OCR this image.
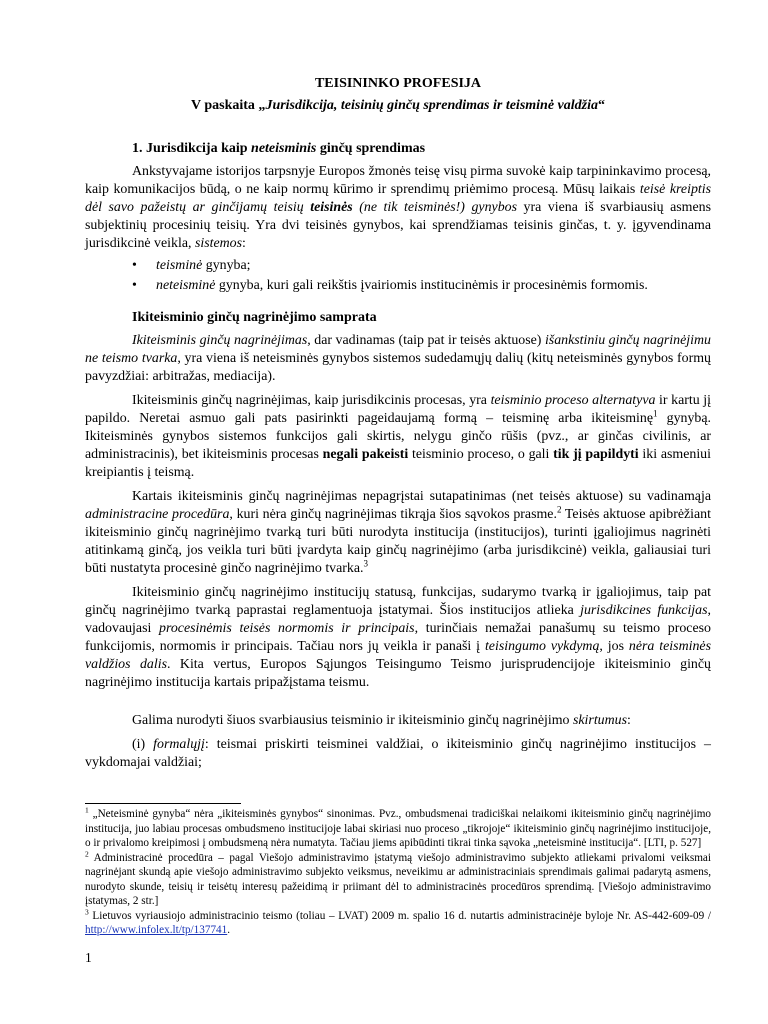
TEISININKO PROFESIJA
V paskaita „Jurisdikcija, teisinių ginčų sprendimas ir teisminė valdžia“
1. Jurisdikcija kaip neteisminis ginčų sprendimas

Ankstyvajame istorijos tarpsnyje Europos žmonės teisę visų pirma suvokė kaip tarpininkavimo procesą, kaip komunikacijos būdą, o ne kaip normų kūrimo ir sprendimų priėmimo procesą. Mūsų laikais teisė kreiptis dėl savo pažeistų ar ginčijamų teisių teisinės (ne tik teisminės!) gynybos yra viena iš svarbiausių asmens subjektinių procesinių teisių. Yra dvi teisinės gynybos, kai sprendžiamas teisinis ginčas, t. y. įgyvendinama jurisdikcinė veikla, sistemos:

• teisminė gynyba;
• neteisminė gynyba, kuri gali reikštis įvairiomis institucinėmis ir procesinėmis formomis.
Ikiteisminio ginčų nagrinėjimo samprata

Ikiteisminis ginčų nagrinėjimas, dar vadinamas (taip pat ir teisės aktuose) išankstiniu ginčų nagrinėjimu ne teismo tvarka, yra viena iš neteisminės gynybos sistemos sudedamųjų dalių (kitų neteisminės gynybos formų pavyzdžiai: arbitražas, mediacija).

Ikiteisminis ginčų nagrinėjimas, kaip jurisdikcinis procesas, yra teisminio proceso alternatyva ir kartu jį papildo. Neretai asmuo gali pats pasirinkti pageidaujamą formą – teisminę arba ikiteisminę$^1$ gynybą. Ikiteisminės gynybos sistemos funkcijos gali skirtis, nelygu ginčo rūšis (pvz., ar ginčas civilinis, ar administracinis), bet ikiteisminis procesas negali pakeisti teisminio proceso, o gali tik jį papildyti iki asmeniui kreipiantis į teismą.

Kartais ikiteisminis ginčų nagrinėjimas nepagrįstai sutapatinimas (net teisės aktuose) su vadinamąja administracine procedūra, kuri nėra ginčų nagrinėjimas tikrąja šios sąvokos prasme.$^2$ Teisės aktuose apibrėžiant ikiteisminio ginčų nagrinėjimo tvarką turi būti nurodyta institucija (institucijos), turinti įgaliojimus nagrinėti atitinkamą ginčą, jos veikla turi būti įvardyta kaip ginčų nagrinėjimo (arba jurisdikcinė) veikla, galiausiai turi būti nustatyta procesinė ginčo nagrinėjimo tvarka.$^3$

Ikiteisminio ginčų nagrinėjimo institucijų statusą, funkcijas, sudarymo tvarką ir įgaliojimus, taip pat ginčų nagrinėjimo tvarką paprastai reglamentuoja įstatymai. Šios institucijos atlieka jurisdikcines funkcijas, vadovaujasi procesinėmis teisės normomis ir principais, turinčiais nemažai panašumų su teismo proceso funkcijomis, normomis ir principais. Tačiau nors jų veikla ir panaši į teisingumo vykdymą, jos nėra teisminės valdžios dalis. Kita vertus, Europos Sąjungos Teisingumo Teismo jurisprudencijoje ikiteisminio ginčų nagrinėjimo institucija kartais pripažįstama teismu.

Galima nurodyti šiuos svarbiausius teisminio ir ikiteisminio ginčų nagrinėjimo skirtumus:

(i) formalųjį: teismai priskirti teisminei valdžiai, o ikiteisminio ginčų nagrinėjimo institucijos – vykdomajai valdžiai;

$^1$ „Neteisminė gynyba“ nėra „ikiteisminės gynybos“ sinonimas. Pvz., ombudsmenai tradiciškai nelaikomi ikiteisminio ginčų nagrinėjimo institucija, juo labiau procesas ombudsmeno institucijoje labai skiriasi nuo proceso „tikrojoje“ ikiteisminio ginčų nagrinėjimo institucijoje, o ir privalomo kreipimosi į ombudsmeną nėra numatyta. Tačiau jiems apibūdinti tikrai tinka sąvoka „neteisminė institucija“. [LTI, p. 527]

$^2$ Administracinė procedūra – pagal Viešojo administravimo įstatymą viešojo administravimo subjekto atliekami privalomi veiksmai nagrinėjant skundą apie viešojo administravimo subjekto veiksmus, neveikimu ar administraciniais sprendimais galimai padarytą asmens, nurodyto skunde, teisių ir teisėtų interesų pažeidimą ir priimant dėl to administracinės procedūros sprendimą. [Viešojo administravimo įstatymas, 2 str.]

$^3$ Lietuvos vyriausiojo administracinio teismo (toliau – LVAT) 2009 m. spalio 16 d. nutartis administracinėje byloje Nr. AS-442-609-09 / http://www.infolex.lt/tp/137741.

1
